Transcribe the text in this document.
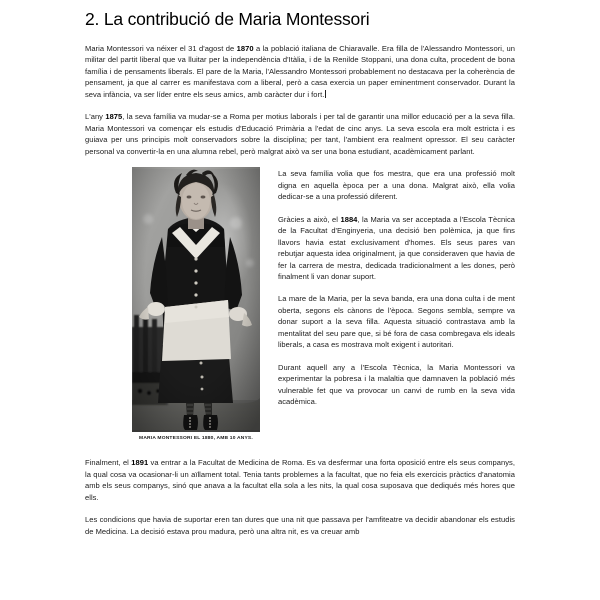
2. La contribució de Maria Montessori

Maria Montessori va néixer el 31 d'agost de 1870 a la població italiana de Chiaravalle. Era filla de l'Alessandro Montessori, un militar del partit liberal que va lluitar per la independència d'Itàlia, i de la Renilde Stoppani, una dona culta, procedent de bona família i de pensaments liberals. El pare de la Maria, l'Alessandro Montessori probablement no destacava per la coherència de pensament, ja que al carrer es manifestava com a liberal, però a casa exercia un paper eminentment conservador. Durant la seva infància, va ser líder entre els seus amics, amb caràcter dur i fort.

L'any 1875, la seva família va mudar-se a Roma per motius laborals i per tal de garantir una millor educació per a la seva filla. Maria Montessori va començar els estudis d'Educació Primària a l'edat de cinc anys. La seva escola era molt estricta i es guiava per uns principis molt conservadors sobre la disciplina; per tant, l'ambient era realment opressor. El seu caràcter personal va convertir-la en una alumna rebel, però malgrat això va ser una bona estudiant, acadèmicament parlant.

MARIA MONTESSORI EL 1880, AMB 10 ANYS.

La seva família volia que fos mestra, que era una professió molt digna en aquella època per a una dona. Malgrat això, ella volia dedicar-se a una professió diferent.

Gràcies a això, el 1884, la Maria va ser acceptada a l'Escola Tècnica de la Facultat d'Enginyeria, una decisió ben polèmica, ja que fins llavors havia estat exclusivament d'homes. Els seus pares van rebutjar aquesta idea originalment, ja que consideraven que havia de fer la carrera de mestra, dedicada tradicionalment a les dones, però finalment li van donar suport.

La mare de la Maria, per la seva banda, era una dona culta i de ment oberta, segons els cànons de l'època. Segons sembla, sempre va donar suport a la seva filla. Aquesta situació contrastava amb la mentalitat del seu pare que, si bé fora de casa combregava els ideals liberals, a casa es mostrava molt exigent i autoritari.

Durant aquell any a l'Escola Tècnica, la Maria Montessori va experimentar la pobresa i la malaltia que damnaven la població més vulnerable fet que va provocar un canvi de rumb en la seva vida acadèmica.

Finalment, el 1891 va entrar a la Facultat de Medicina de Roma. Es va desfermar una forta oposició entre els seus companys, la qual cosa va ocasionar-li un aïllament total. Tenia tants problemes a la facultat, que no feia els exercicis pràctics d'anatomia amb els seus companys, sinó que anava a la facultat ella sola a les nits, la qual cosa suposava que dediqués més hores que ells.

Les condicions que havia de suportar eren tan dures que una nit que passava per l'amfiteatre va decidir abandonar els estudis de Medicina. La decisió estava prou madura, però una altra nit, es va creuar amb
